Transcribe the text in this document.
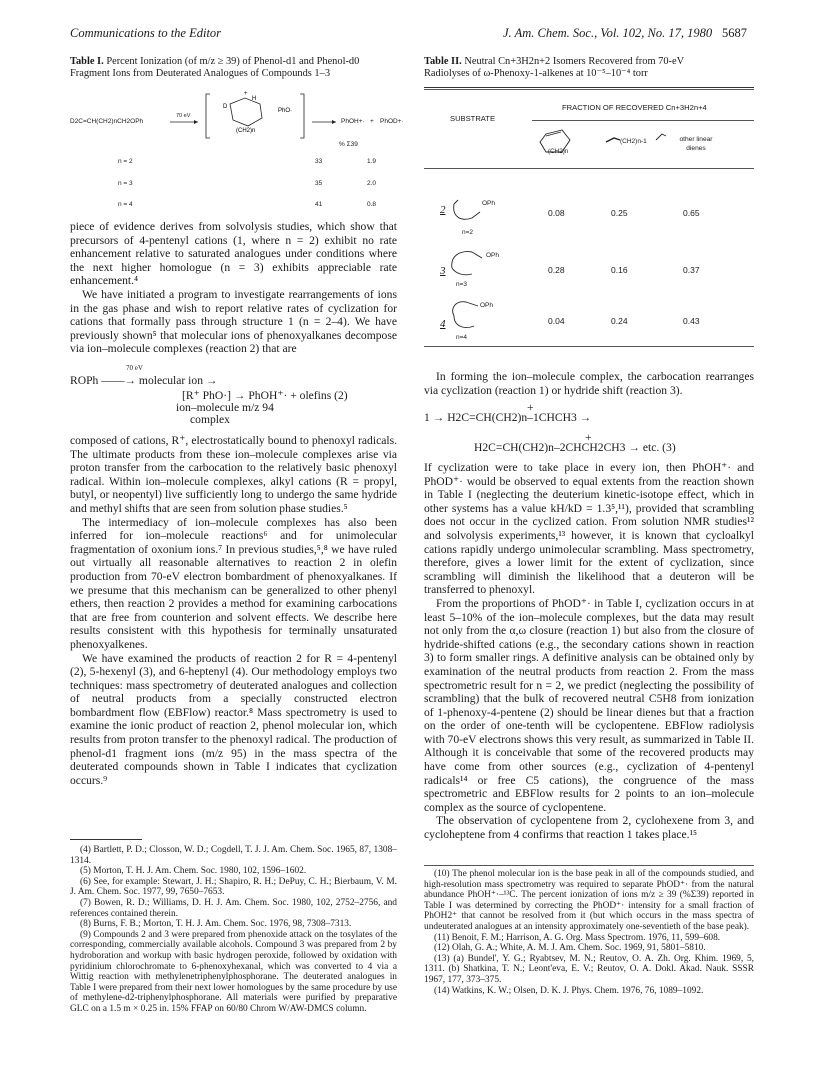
Communications to the Editor	J. Am. Chem. Soc., Vol. 102, No. 17, 1980 5687
Table I. Percent Ionization (of m/z ≥ 39) of Phenol-d1 and Phenol-d0 Fragment Ions from Deuterated Analogues of Compounds 1–3
+
D
H
(CH2)n
PhO·
D2C=CH(CH2)nCH2OPh
70 eV
PhOH+· + PhOD+·
% Σ39
n = 2	33	1.9
n = 3	35	2.0
n = 4	41	0.8

piece of evidence derives from solvolysis studies, which show that precursors of 4-pentenyl cations (1, where n = 2) exhibit no rate enhancement relative to saturated analogues under conditions where the next higher homologue (n = 3) exhibits appreciable rate enhancement.⁴

We have initiated a program to investigate rearrangements of ions in the gas phase and wish to report relative rates of cyclization for cations that formally pass through structure 1 (n = 2–4). We have previously shown⁵ that molecular ions of phenoxyalkanes decompose via ion–molecule complexes (reaction 2) that are

ROPh ——→ molecular ion →
70 eV
[R⁺ PhO·] → PhOH⁺· + olefins (2)
ion–molecule m/z 94
complex

composed of cations, R⁺, electrostatically bound to phenoxyl radicals. The ultimate products from these ion–molecule complexes arise via proton transfer from the carbocation to the relatively basic phenoxyl radical. Within ion–molecule complexes, alkyl cations (R = propyl, butyl, or neopentyl) live sufficiently long to undergo the same hydride and methyl shifts that are seen from solution phase studies.⁵

The intermediacy of ion–molecule complexes has also been inferred for ion–molecule reactions⁶ and for unimolecular fragmentation of oxonium ions.⁷ In previous studies,⁵,⁸ we have ruled out virtually all reasonable alternatives to reaction 2 in olefin production from 70-eV electron bombardment of phenoxyalkanes. If we presume that this mechanism can be generalized to other phenyl ethers, then reaction 2 provides a method for examining carbocations that are free from counterion and solvent effects. We describe here results consistent with this hypothesis for terminally unsaturated phenoxyalkenes.

We have examined the products of reaction 2 for R = 4-pentenyl (2), 5-hexenyl (3), and 6-heptenyl (4). Our methodology employs two techniques: mass spectrometry of deuterated analogues and collection of neutral products from a specially constructed electron bombardment flow (EBFlow) reactor.⁸ Mass spectrometry is used to examine the ionic product of reaction 2, phenol molecular ion, which results from proton transfer to the phenoxyl radical. The production of phenol-d1 fragment ions (m/z 95) in the mass spectra of the deuterated compounds shown in Table I indicates that cyclization occurs.⁹

(4) Bartlett, P. D.; Closson, W. D.; Cogdell, T. J. J. Am. Chem. Soc. 1965, 87, 1308–1314.

(5) Morton, T. H. J. Am. Chem. Soc. 1980, 102, 1596–1602.

(6) See, for example: Stewart, J. H.; Shapiro, R. H.; DePuy, C. H.; Bierbaum, V. M. J. Am. Chem. Soc. 1977, 99, 7650–7653.

(7) Bowen, R. D.; Williams, D. H. J. Am. Chem. Soc. 1980, 102, 2752–2756, and references contained therein.

(8) Burns, F. B.; Morton, T. H. J. Am. Chem. Soc. 1976, 98, 7308–7313.

(9) Compounds 2 and 3 were prepared from phenoxide attack on the tosylates of the corresponding, commercially available alcohols. Compound 3 was prepared from 2 by hydroboration and workup with basic hydrogen peroxide, followed by oxidation with pyridinium chlorochromate to 6-phenoxyhexanal, which was converted to 4 via a Wittig reaction with methylenetriphenylphosphorane. The deuterated analogues in Table I were prepared from their next lower homologues by the same procedure by use of methylene-d2-triphenylphosphorane. All materials were purified by preparative GLC on a 1.5 m × 0.25 in. 15% FFAP on 60/80 Chrom W/AW-DMCS column.

Table II. Neutral Cn+3H2n+2 Isomers Recovered from 70-eV Radiolyses of ω-Phenoxy-1-alkenes at 10⁻⁵–10⁻⁴ torr
SUBSTRATE
FRACTION OF RECOVERED Cn+3H2n+4
(CH2)n
(CH2)n-1	other linear dienes
2
OPh
n=2
0.08	0.25	0.65
3
OPh
n=3
0.28	0.16	0.37
4
OPh
n=4
0.04	0.24	0.43

In forming the ion–molecule complex, the carbocation rearranges via cyclization (reaction 1) or hydride shift (reaction 3).

+
1 → H2C=CH(CH2)n–1CHCH3 →
+
H2C=CH(CH2)n–2CHCH2CH3 → etc. (3)

If cyclization were to take place in every ion, then PhOH⁺· and PhOD⁺· would be observed to equal extents from the reaction shown in Table I (neglecting the deuterium kinetic-isotope effect, which in other systems has a value kH/kD = 1.3⁵,¹¹), provided that scrambling does not occur in the cyclized cation. From solution NMR studies¹² and solvolysis experiments,¹³ however, it is known that cycloalkyl cations rapidly undergo unimolecular scrambling. Mass spectrometry, therefore, gives a lower limit for the extent of cyclization, since scrambling will diminish the likelihood that a deuteron will be transferred to phenoxyl.

From the proportions of PhOD⁺· in Table I, cyclization occurs in at least 5–10% of the ion–molecule complexes, but the data may result not only from the α,ω closure (reaction 1) but also from the closure of hydride-shifted cations (e.g., the secondary cations shown in reaction 3) to form smaller rings. A definitive analysis can be obtained only by examination of the neutral products from reaction 2. From the mass spectrometric result for n = 2, we predict (neglecting the possibility of scrambling) that the bulk of recovered neutral C5H8 from ionization of 1-phenoxy-4-pentene (2) should be linear dienes but that a fraction on the order of one-tenth will be cyclopentene. EBFlow radiolysis with 70-eV electrons shows this very result, as summarized in Table II. Although it is conceivable that some of the recovered products may have come from other sources (e.g., cyclization of 4-pentenyl radicals¹⁴ or free C5 cations), the congruence of the mass spectrometric and EBFlow results for 2 points to an ion–molecule complex as the source of cyclopentene.

The observation of cyclopentene from 2, cyclohexene from 3, and cycloheptene from 4 confirms that reaction 1 takes place.¹⁵

(10) The phenol molecular ion is the base peak in all of the compounds studied, and high-resolution mass spectrometry was required to separate PhOD⁺· from the natural abundance PhOH⁺·–¹³C. The percent ionization of ions m/z ≥ 39 (%Σ39) reported in Table I was determined by correcting the PhOD⁺· intensity for a small fraction of PhOH2⁺ that cannot be resolved from it (but which occurs in the mass spectra of undeuterated analogues at an intensity approximately one-seventieth of the base peak).

(11) Benoit, F. M.; Harrison, A. G. Org. Mass Spectrom. 1976, 11, 599–608.

(12) Olah, G. A.; White, A. M. J. Am. Chem. Soc. 1969, 91, 5801–5810.

(13) (a) Bundel', Y. G.; Ryabtsev, M. N.; Reutov, O. A. Zh. Org. Khim. 1969, 5, 1311. (b) Shatkina, T. N.; Leont'eva, E. V.; Reutov, O. A. Dokl. Akad. Nauk. SSSR 1967, 177, 373–375.

(14) Watkins, K. W.; Olsen, D. K. J. Phys. Chem. 1976, 76, 1089–1092.
